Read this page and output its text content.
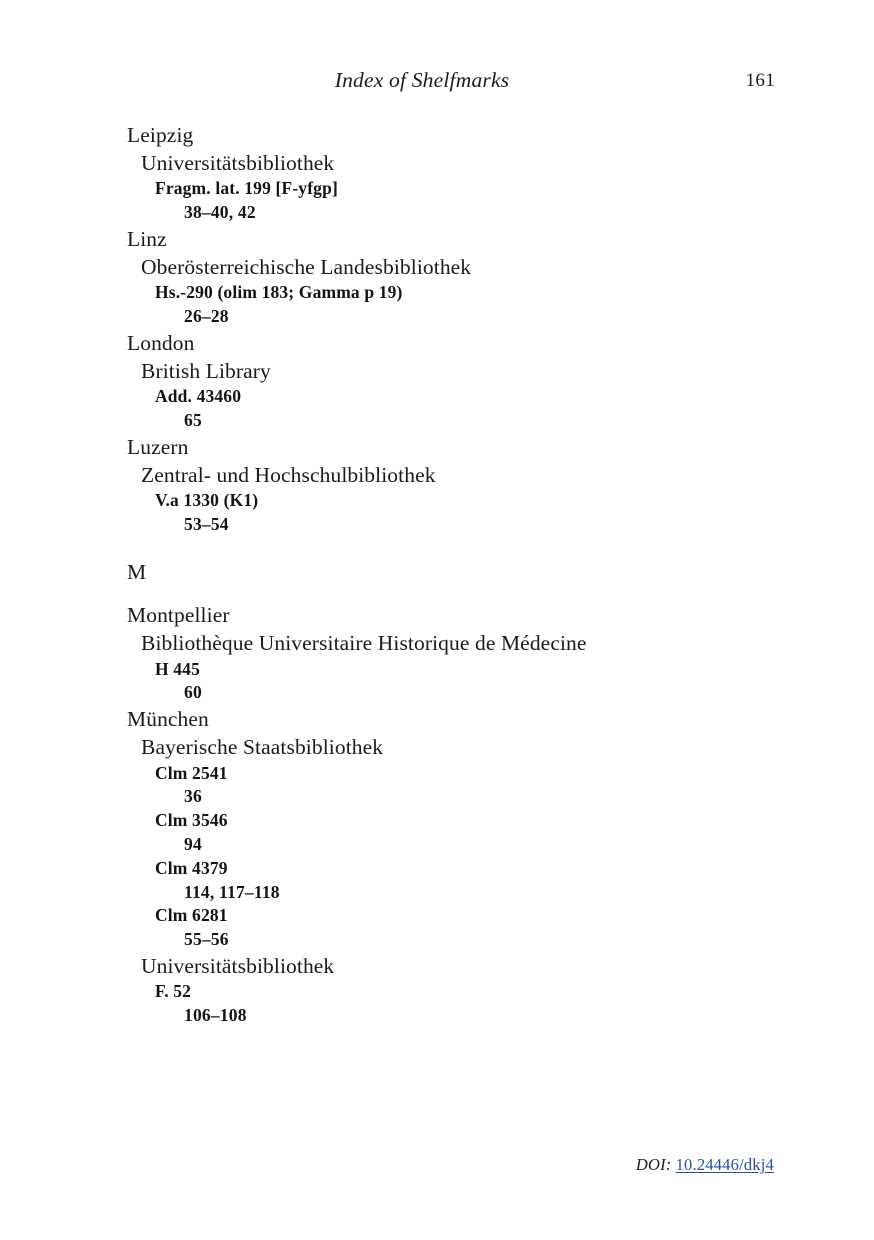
Index of Shelfmarks	161
Leipzig
Universitätsbibliothek
Fragm. lat. 199 [F-yfgp]
38–40, 42
Linz
Oberösterreichische Landesbibliothek
Hs.-290 (olim 183; Gamma p 19)
26–28
London
British Library
Add. 43460
65
Luzern
Zentral- und Hochschulbibliothek
V.a 1330 (K1)
53–54
M
Montpellier
Bibliothèque Universitaire Historique de Médecine
H 445
60
München
Bayerische Staatsbibliothek
Clm 2541
36
Clm 3546
94
Clm 4379
114, 117–118
Clm 6281
55–56
Universitätsbibliothek
F. 52
106–108
DOI: 10.24446/dkj4
